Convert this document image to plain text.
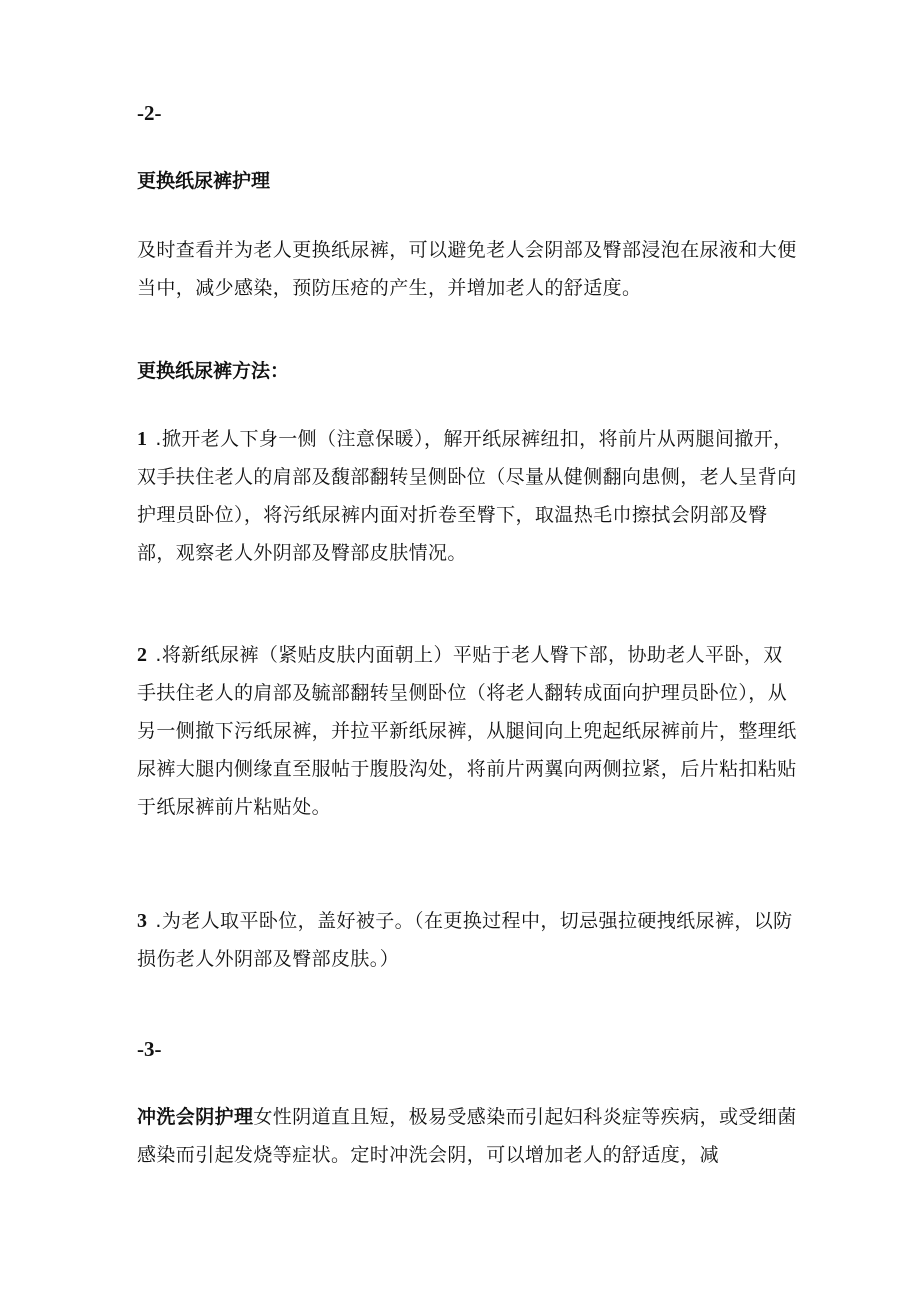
-2-
更换纸尿裤护理

及时查看并为老人更换纸尿裤，可以避免老人会阴部及臀部浸泡在尿液和大便当中，减少感染，预防压疮的产生，并增加老人的舒适度。

更换纸尿裤方法：

1 .掀开老人下身一侧（注意保暖），解开纸尿裤纽扣，将前片从两腿间撤开，双手扶住老人的肩部及馥部翻转呈侧卧位（尽量从健侧翻向患侧，老人呈背向护理员卧位），将污纸尿裤内面对折卷至臀下，取温热毛巾擦拭会阴部及臀部，观察老人外阴部及臀部皮肤情况。

2 .将新纸尿裤（紧贴皮肤内面朝上）平贴于老人臀下部，协助老人平卧，双手扶住老人的肩部及毓部翻转呈侧卧位（将老人翻转成面向护理员卧位），从另一侧撤下污纸尿裤，并拉平新纸尿裤，从腿间向上兜起纸尿裤前片，整理纸尿裤大腿内侧缘直至服帖于腹股沟处，将前片两翼向两侧拉紧，后片粘扣粘贴于纸尿裤前片粘贴处。

3 .为老人取平卧位，盖好被子。（在更换过程中，切忌强拉硬拽纸尿裤，以防损伤老人外阴部及臀部皮肤。）

-3-

冲洗会阴护理女性阴道直且短，极易受感染而引起妇科炎症等疾病，或受细菌感染而引起发烧等症状。定时冲洗会阴，可以增加老人的舒适度，减
